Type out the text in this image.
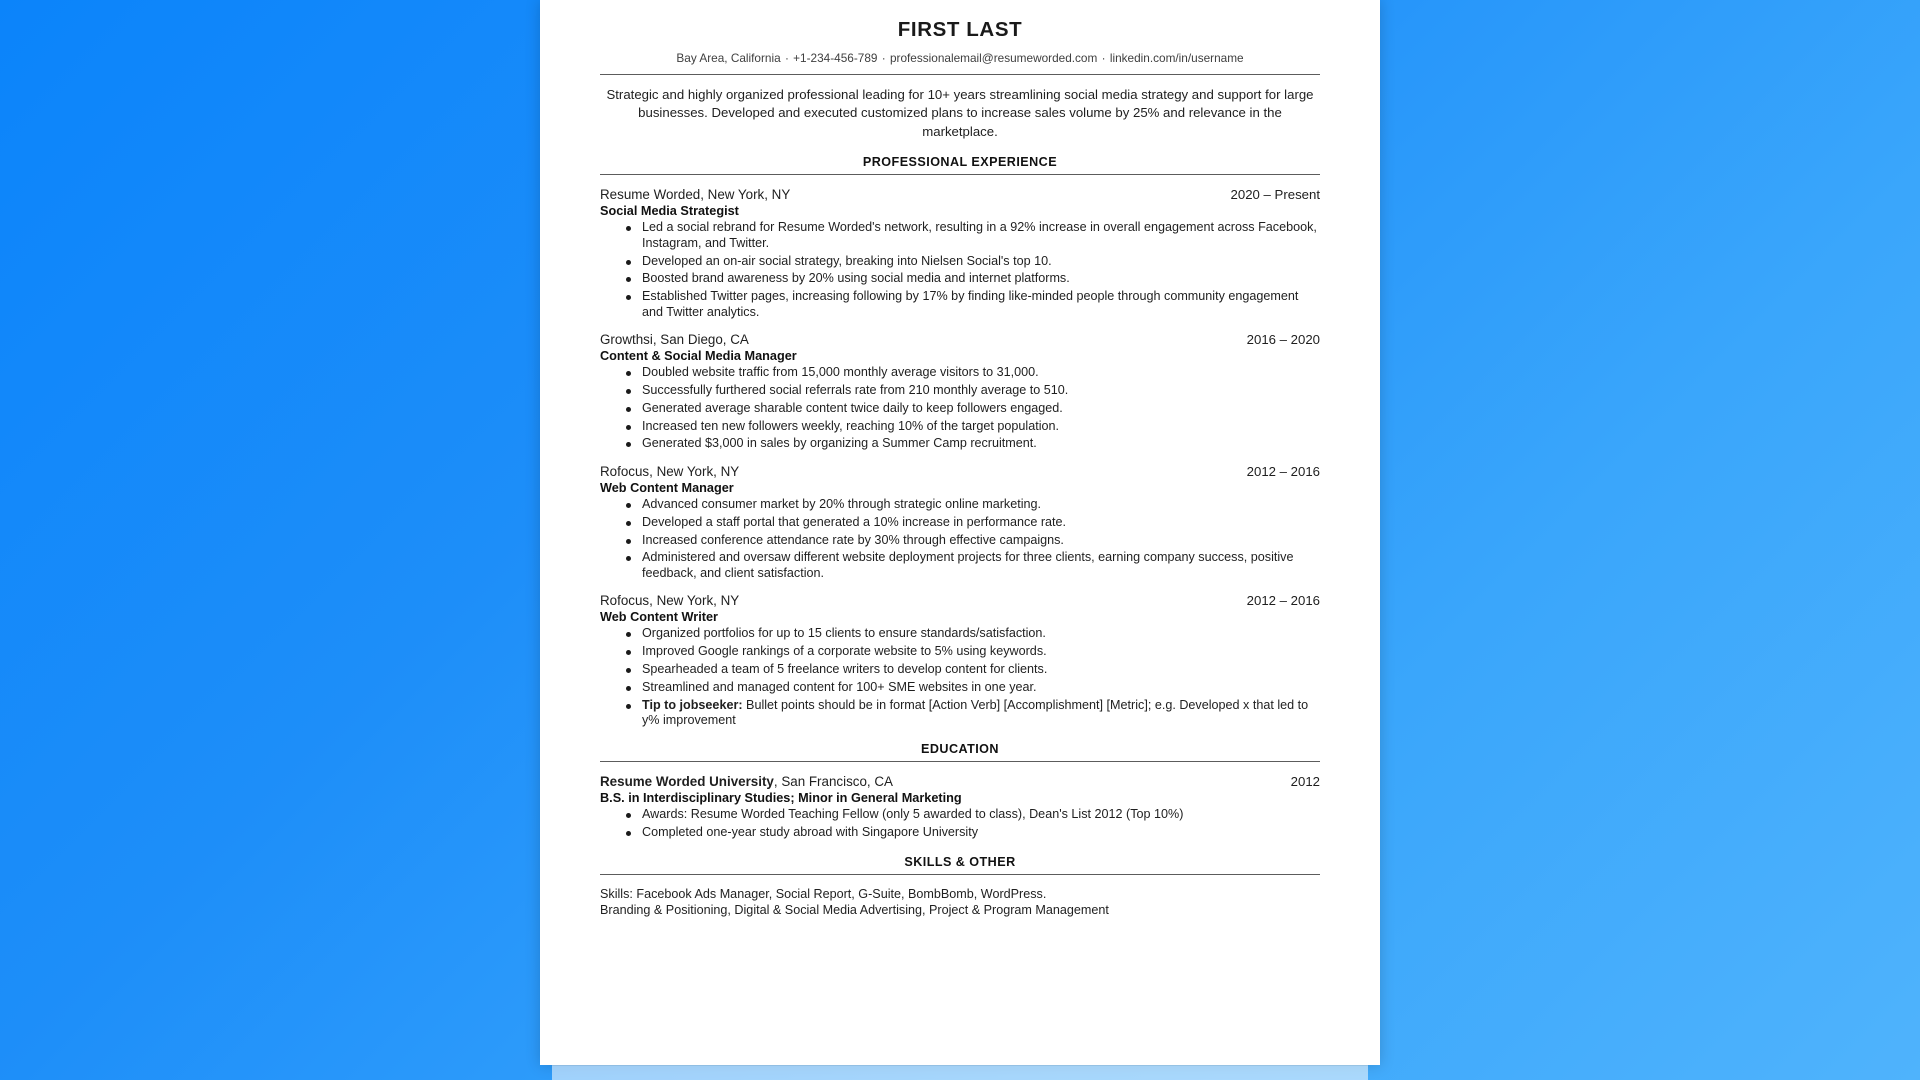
FIRST LAST
Bay Area, California · +1-234-456-789 · professionalemail@resumeworded.com · linkedin.com/in/username
Strategic and highly organized professional leading for 10+ years streamlining social media strategy and support for large businesses. Developed and executed customized plans to increase sales volume by 25% and relevance in the marketplace.
PROFESSIONAL EXPERIENCE
Resume Worded, New York, NY	2020 – Present
Social Media Strategist
Led a social rebrand for Resume Worded's network, resulting in a 92% increase in overall engagement across Facebook, Instagram, and Twitter.
Developed an on-air social strategy, breaking into Nielsen Social's top 10.
Boosted brand awareness by 20% using social media and internet platforms.
Established Twitter pages, increasing following by 17% by finding like-minded people through community engagement and Twitter analytics.
Growthsi, San Diego, CA	2016 – 2020
Content & Social Media Manager
Doubled website traffic from 15,000 monthly average visitors to 31,000.
Successfully furthered social referrals rate from 210 monthly average to 510.
Generated average sharable content twice daily to keep followers engaged.
Increased ten new followers weekly, reaching 10% of the target population.
Generated $3,000 in sales by organizing a Summer Camp recruitment.
Rofocus, New York, NY	2012 – 2016
Web Content Manager
Advanced consumer market by 20% through strategic online marketing.
Developed a staff portal that generated a 10% increase in performance rate.
Increased conference attendance rate by 30% through effective campaigns.
Administered and oversaw different website deployment projects for three clients, earning company success, positive feedback, and client satisfaction.
Rofocus, New York, NY	2012 – 2016
Web Content Writer
Organized portfolios for up to 15 clients to ensure standards/satisfaction.
Improved Google rankings of a corporate website to 5% using keywords.
Spearheaded a team of 5 freelance writers to develop content for clients.
Streamlined and managed content for 100+ SME websites in one year.
Tip to jobseeker: Bullet points should be in format [Action Verb] [Accomplishment] [Metric]; e.g. Developed x that led to y% improvement
EDUCATION
Resume Worded University, San Francisco, CA	2012
B.S. in Interdisciplinary Studies; Minor in General Marketing
Awards: Resume Worded Teaching Fellow (only 5 awarded to class), Dean's List 2012 (Top 10%)
Completed one-year study abroad with Singapore University
SKILLS & OTHER
Skills: Facebook Ads Manager, Social Report, G-Suite, BombBomb, WordPress.
Branding & Positioning, Digital & Social Media Advertising, Project & Program Management
